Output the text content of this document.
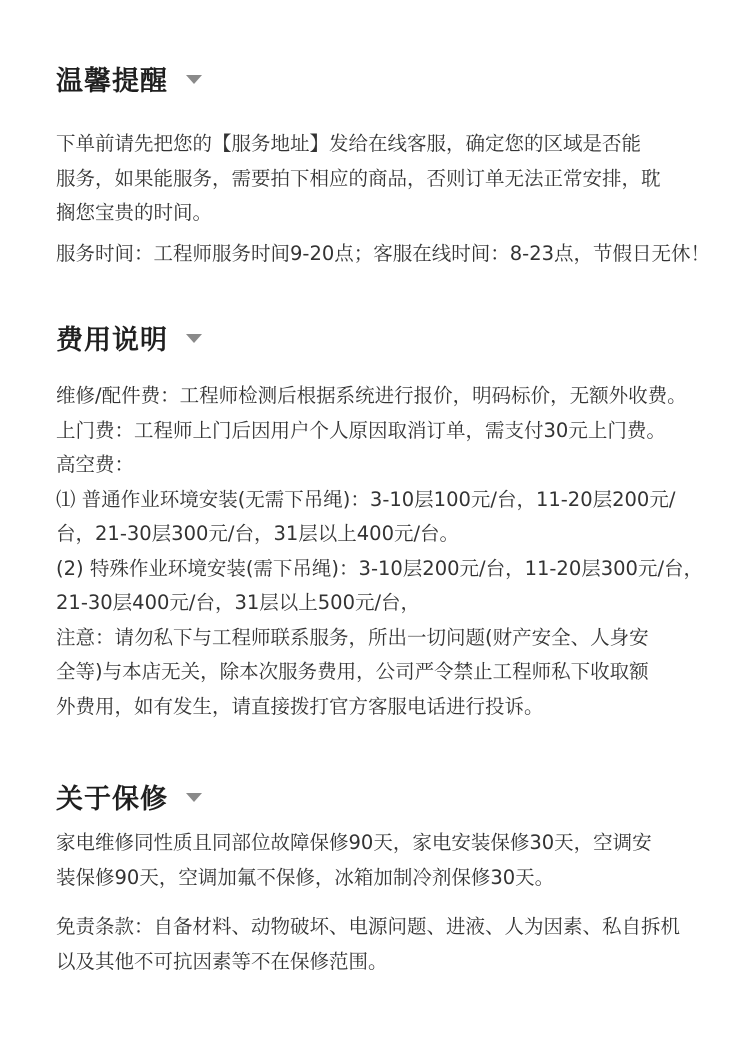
温馨提醒
下单前请先把您的【服务地址】发给在线客服，确定您的区域是否能
服务，如果能服务，需要拍下相应的商品，否则订单无法正常安排，耽
搁您宝贵的时间。
服务时间：工程师服务时间9-20点；客服在线时间：8-23点，节假日无休！
费用说明
维修/配件费：工程师检测后根据系统进行报价，明码标价，无额外收费。
上门费：工程师上门后因用户个人原因取消订单，需支付30元上门费。
高空费：
⑴ 普通作业环境安装(无需下吊绳)：3-10层100元/台，11-20层200元/
台，21-30层300元/台，31层以上400元/台。
(2) 特殊作业环境安装(需下吊绳)：3-10层200元/台，11-20层300元/台，
21-30层400元/台，31层以上500元/台，
注意：请勿私下与工程师联系服务，所出一切问题(财产安全、人身安
全等)与本店无关，除本次服务费用，公司严令禁止工程师私下收取额
外费用，如有发生，请直接拨打官方客服电话进行投诉。
关于保修
家电维修同性质且同部位故障保修90天，家电安装保修30天，空调安
装保修90天，空调加氟不保修，冰箱加制冷剂保修30天。
免责条款：自备材料、动物破坏、电源问题、进液、人为因素、私自拆机
以及其他不可抗因素等不在保修范围。
